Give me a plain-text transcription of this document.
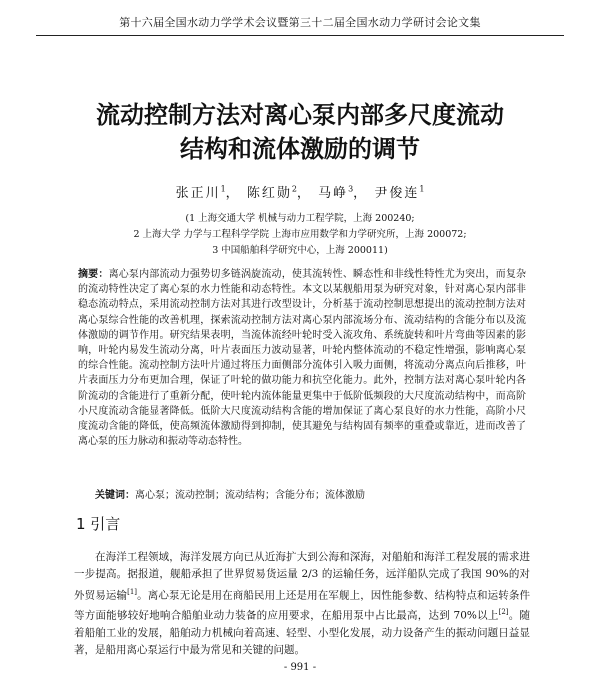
第十六届全国水动力学学术会议暨第三十二届全国水动力学研讨会论文集
流动控制方法对离心泵内部多尺度流动
结构和流体激励的调节
张正川$^1$， 陈红勋$^2$， 马峥$^3$， 尹俊连$^1$
(1 上海交通大学 机械与动力工程学院，上海 200240;
2 上海大学 力学与工程科学学院 上海市应用数学和力学研究所，上海 200072;
3 中国船舶科学研究中心，上海 200011)
摘要：离心泵内部流动力强势切多链涡旋流动，使其流转性、瞬态性和非线性特性尤为突出，而复杂的流动特性决定了离心泵的水力性能和动态特性。本文以某舰船用泵为研究对象，针对离心泵内部非稳态流动特点，采用流动控制方法对其进行改型设计，分析基于流动控制思想提出的流动控制方法对离心泵综合性能的改善机理，探索流动控制方法对离心泵内部流场分布、流动结构的含能分布以及流体激励的调节作用。研究结果表明，当流体流经叶轮时受入流攻角、系统旋转和叶片弯曲等因素的影响，叶轮内易发生流动分离，叶片表面压力波动显著，叶轮内整体流动的不稳定性增强，影响离心泵的综合性能。流动控制方法叶片通过将压力面侧部分流体引入吸力面侧，将流动分离点向后推移，叶片表面压力分布更加合理，保证了叶轮的做功能力和抗空化能力。此外，控制方法对离心泵叶轮内各阶流动的含能进行了重新分配，使叶轮内流体能量更集中于低阶低频段的大尺度流动结构中，而高阶小尺度流动含能显著降低。低阶大尺度流动结构含能的增加保证了离心泵良好的水力性能，高阶小尺度流动含能的降低，使高频流体激励得到抑制，使其避免与结构固有频率的重叠或靠近，进而改善了离心泵的压力脉动和振动等动态特性。
关键词：离心泵；流动控制；流动结构；含能分布；流体激励
1 引言
在海洋工程领域，海洋发展方向已从近海扩大到公海和深海，对船舶和海洋工程发展的需求进一步提高。据报道，舰船承担了世界贸易货运量 2/3 的运输任务，远洋船队完成了我国 90%的对外贸易运输[1]。离心泵无论是用在商船民用上还是用在军舰上，因性能参数、结构特点和运转条件等方面能够较好地响合船舶业动力装备的应用要求，在船用泵中占比最高，达到 70%以上[2]。随着船舶工业的发展，船舶动力机械向着高速、轻型、小型化发展，动力设备产生的振动问题日益显著，是船用离心泵运行中最为常见和关键的问题。
- 991 -
